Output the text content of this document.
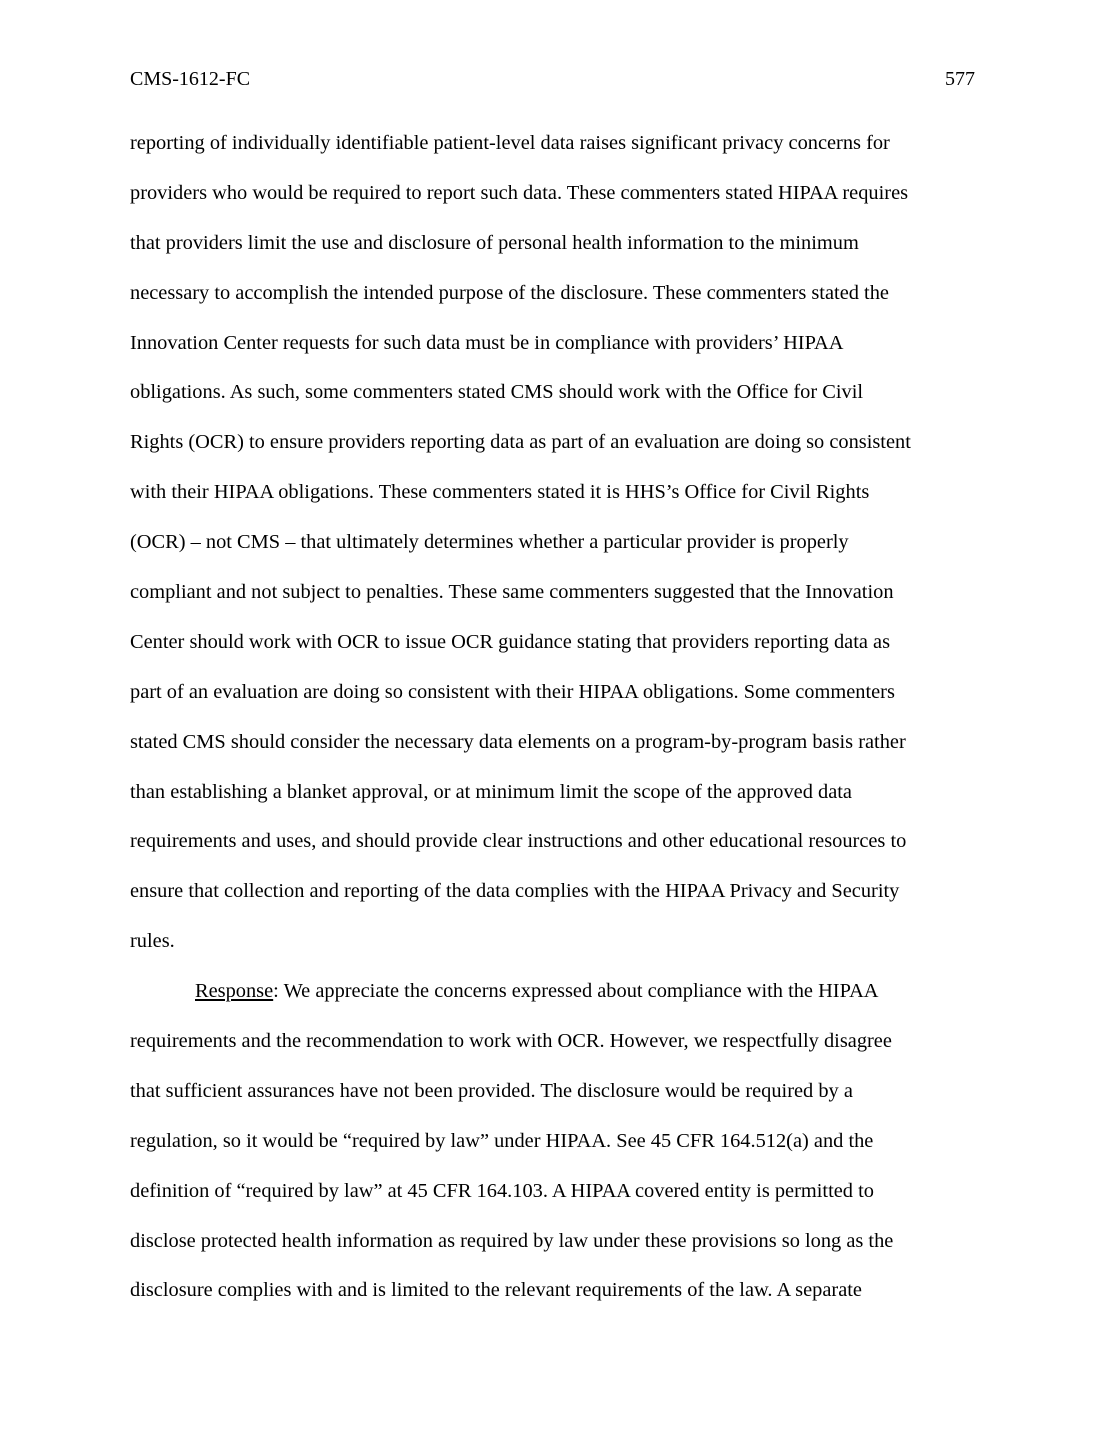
CMS-1612-FC	577
reporting of individually identifiable patient-level data raises significant privacy concerns for
providers who would be required to report such data. These commenters stated HIPAA requires
that providers limit the use and disclosure of personal health information to the minimum
necessary to accomplish the intended purpose of the disclosure. These commenters stated the
Innovation Center requests for such data must be in compliance with providers’ HIPAA
obligations. As such, some commenters stated CMS should work with the Office for Civil
Rights (OCR) to ensure providers reporting data as part of an evaluation are doing so consistent
with their HIPAA obligations. These commenters stated it is HHS’s Office for Civil Rights
(OCR) – not CMS – that ultimately determines whether a particular provider is properly
compliant and not subject to penalties. These same commenters suggested that the Innovation
Center should work with OCR to issue OCR guidance stating that providers reporting data as
part of an evaluation are doing so consistent with their HIPAA obligations. Some commenters
stated CMS should consider the necessary data elements on a program-by-program basis rather
than establishing a blanket approval, or at minimum limit the scope of the approved data
requirements and uses, and should provide clear instructions and other educational resources to
ensure that collection and reporting of the data complies with the HIPAA Privacy and Security
rules.
Response: We appreciate the concerns expressed about compliance with the HIPAA
requirements and the recommendation to work with OCR. However, we respectfully disagree
that sufficient assurances have not been provided. The disclosure would be required by a
regulation, so it would be “required by law” under HIPAA. See 45 CFR 164.512(a) and the
definition of “required by law” at 45 CFR 164.103. A HIPAA covered entity is permitted to
disclose protected health information as required by law under these provisions so long as the
disclosure complies with and is limited to the relevant requirements of the law. A separate
